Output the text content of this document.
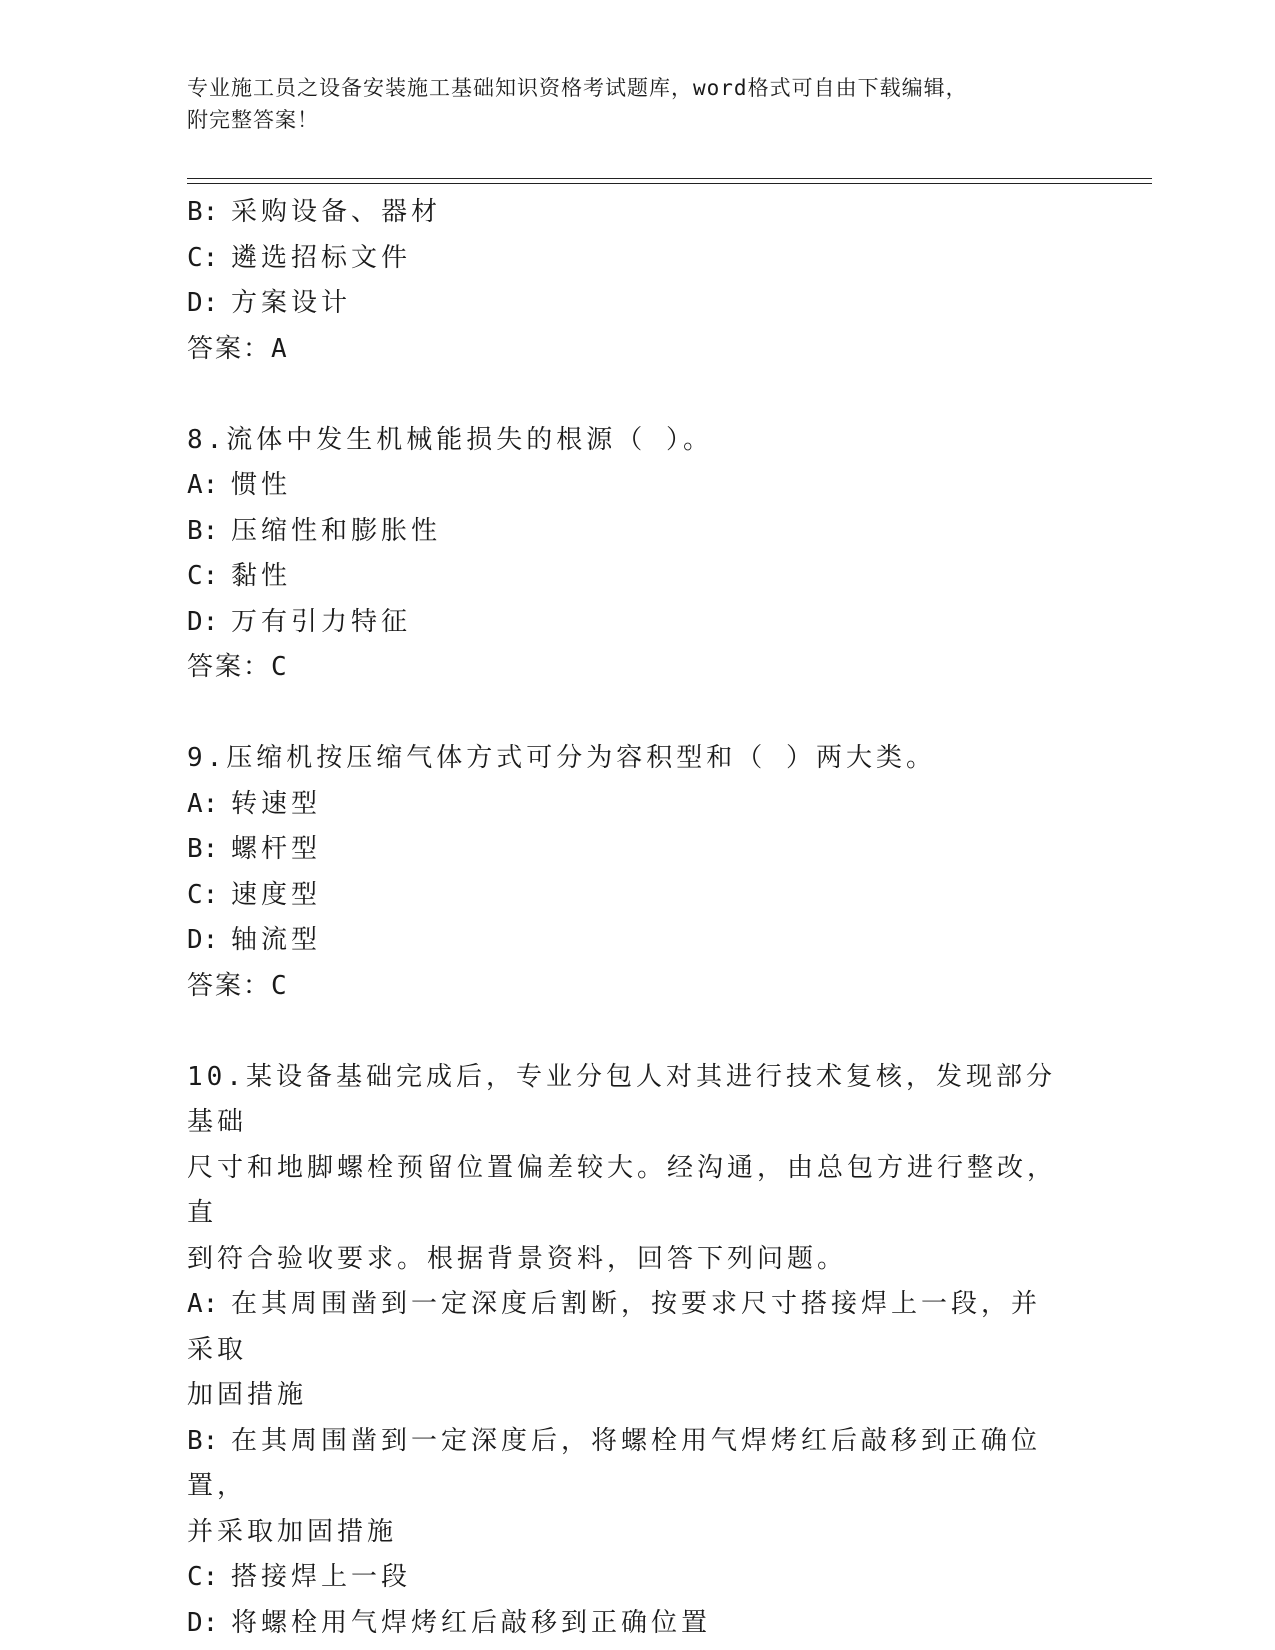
专业施工员之设备安装施工基础知识资格考试题库，word格式可自由下载编辑，
附完整答案！

B: 采购设备、器材

C: 遴选招标文件

D: 方案设计

答案：A

8.流体中发生机械能损失的根源（ ）。

A: 惯性

B: 压缩性和膨胀性

C: 黏性

D: 万有引力特征

答案：C

9.压缩机按压缩气体方式可分为容积型和（ ）两大类。

A: 转速型

B: 螺杆型

C: 速度型

D: 轴流型

答案：C

10.某设备基础完成后，专业分包人对其进行技术复核，发现部分基础

尺寸和地脚螺栓预留位置偏差较大。经沟通，由总包方进行整改，直

到符合验收要求。根据背景资料，回答下列问题。

A: 在其周围凿到一定深度后割断，按要求尺寸搭接焊上一段，并采取

加固措施

B: 在其周围凿到一定深度后，将螺栓用气焊烤红后敲移到正确位置，

并采取加固措施

C: 搭接焊上一段

D: 将螺栓用气焊烤红后敲移到正确位置
